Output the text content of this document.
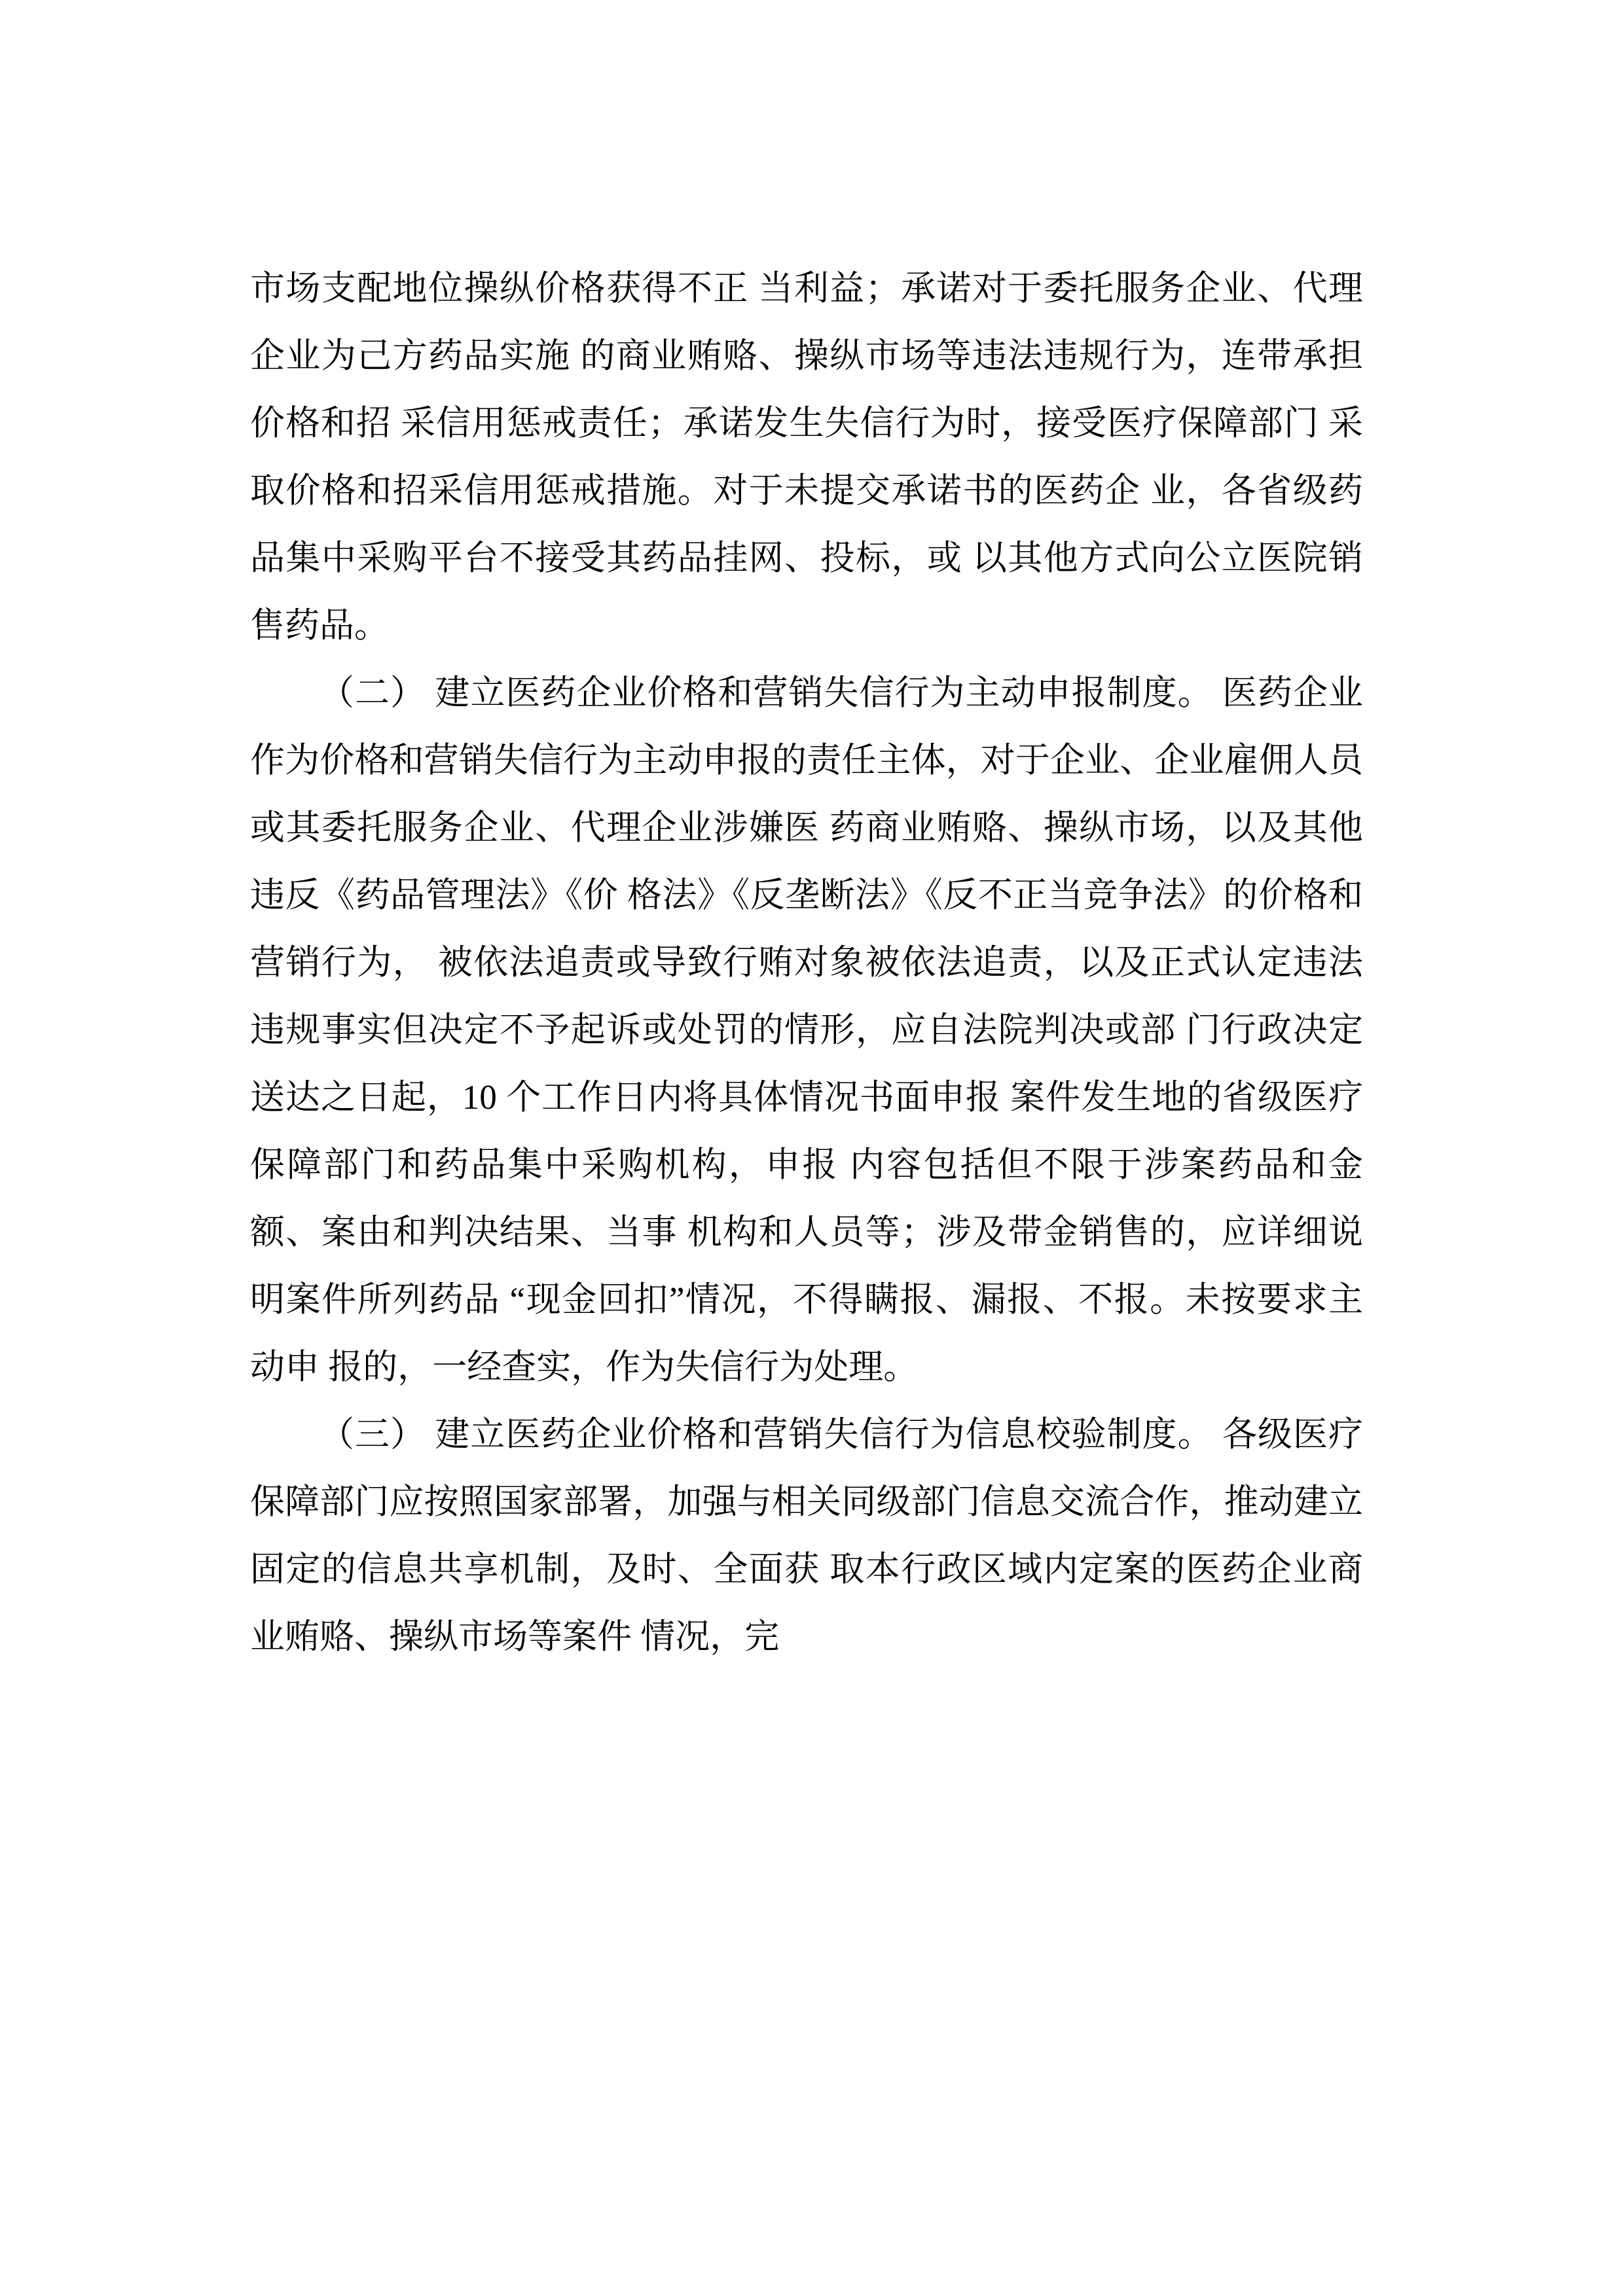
市场支配地位操纵价格获得不正 当利益；承诺对于委托服务企业、代理企业为己方药品实施 的商业贿赂、操纵市场等违法违规行为，连带承担价格和招 采信用惩戒责任；承诺发生失信行为时，接受医疗保障部门 采取价格和招采信用惩戒措施。对于未提交承诺书的医药企 业，各省级药品集中采购平台不接受其药品挂网、投标，或 以其他方式向公立医院销售药品。

（二） 建立医药企业价格和营销失信行为主动申报制度。 医药企业作为价格和营销失信行为主动申报的责任主体，对于企业、企业雇佣人员或其委托服务企业、代理企业涉嫌医 药商业贿赂、操纵市场，以及其他违反《药品管理法》《价 格法》《反垄断法》《反不正当竞争法》的价格和营销行为， 被依法追责或导致行贿对象被依法追责，以及正式认定违法 违规事实但决定不予起诉或处罚的情形，应自法院判决或部 门行政决定送达之日起，10 个工作日内将具体情况书面申报 案件发生地的省级医疗保障部门和药品集中采购机构，申报 内容包括但不限于涉案药品和金额、案由和判决结果、当事 机构和人员等；涉及带金销售的，应详细说明案件所列药品 “现金回扣”情况，不得瞒报、漏报、不报。未按要求主动申 报的，一经查实，作为失信行为处理。

（三） 建立医药企业价格和营销失信行为信息校验制度。 各级医疗保障部门应按照国家部署，加强与相关同级部门信息交流合作，推动建立固定的信息共享机制，及时、全面获 取本行政区域内定案的医药企业商业贿赂、操纵市场等案件 情况，完
